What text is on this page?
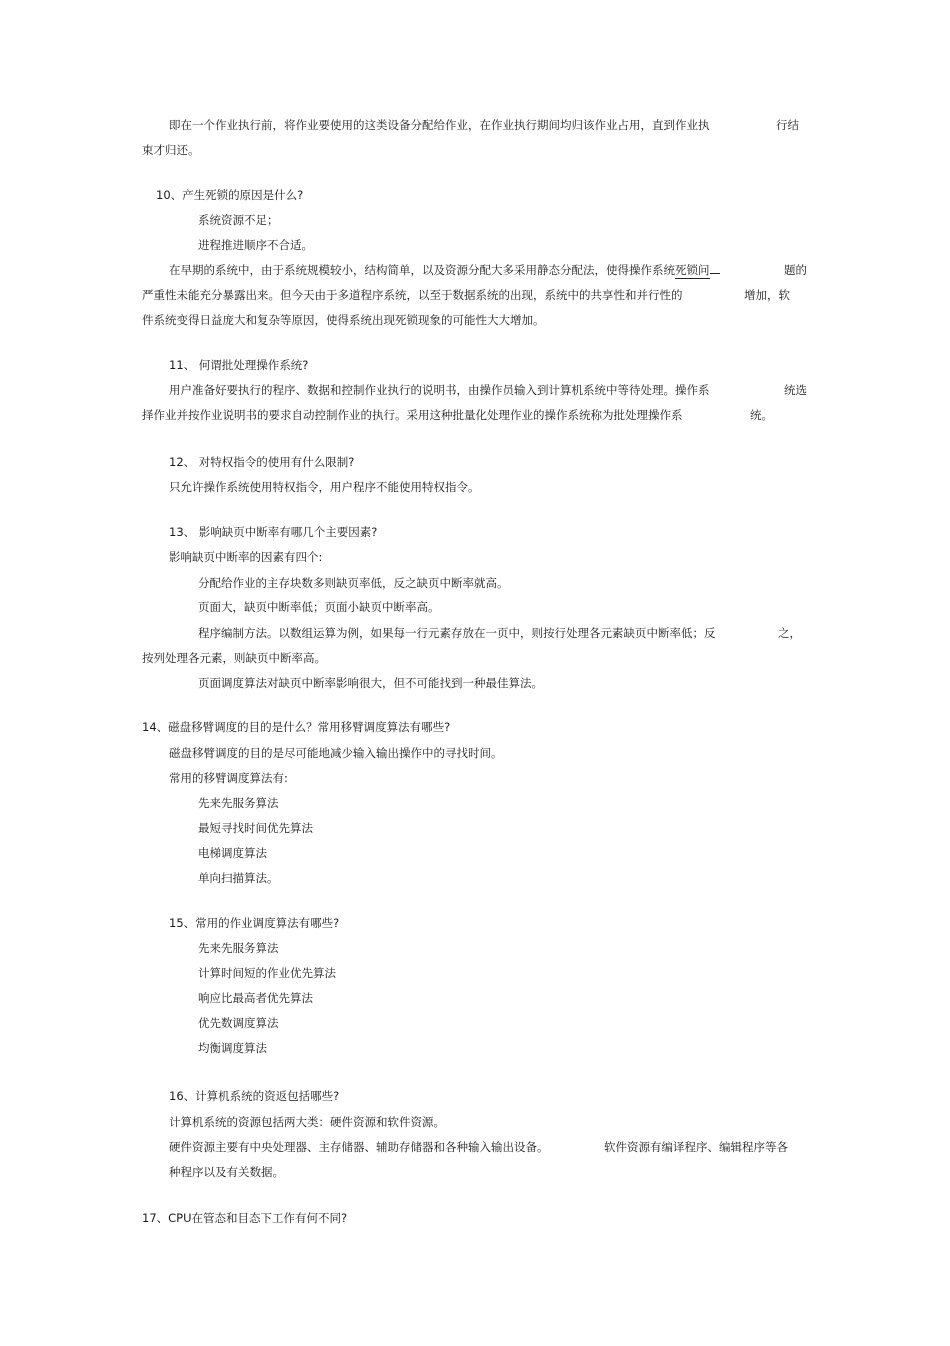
即在一个作业执行前，将作业要使用的这类设备分配给作业，在作业执行期间均归该作业占用，直到作业执	行结
束才归还。
10、产生死锁的原因是什么?
系统资源不足；
进程推进顺序不合适。
在早期的系统中，由于系统规模较小，结构简单，以及资源分配大多采用静态分配法，使得操作系统死锁问	题的
严重性未能充分暴露出来。但今天由于多道程序系统，以至于数据系统的出现，系统中的共享性和并行性的	增加，软
件系统变得日益庞大和复杂等原因，使得系统出现死锁现象的可能性大大增加。
11、 何谓批处理操作系统?
用户准备好要执行的程序、数据和控制作业执行的说明书，由操作员输入到计算机系统中等待处理。操作系	统选
择作业并按作业说明书的要求自动控制作业的执行。采用这种批量化处理作业的操作系统称为批处理操作系	统。
12、 对特权指令的使用有什么限制?
只允许操作系统使用特权指令，用户程序不能使用特权指令。
13、 影响缺页中断率有哪几个主要因素?
影响缺页中断率的因素有四个:
分配给作业的主存块数多则缺页率低，反之缺页中断率就高。
页面大，缺页中断率低；页面小缺页中断率高。
程序编制方法。以数组运算为例，如果每一行元素存放在一页中，则按行处理各元素缺页中断率低；反	之，
按列处理各元素，则缺页中断率高。
页面调度算法对缺页中断率影响很大，但不可能找到一种最佳算法。
14、磁盘移臂调度的目的是什么？常用移臂调度算法有哪些?
磁盘移臂调度的目的是尽可能地减少输入输出操作中的寻找时间。
常用的移臂调度算法有:
先来先服务算法
最短寻找时间优先算法
电梯调度算法
单向扫描算法。
15、常用的作业调度算法有哪些?
先来先服务算法
计算时间短的作业优先算法
响应比最高者优先算法
优先数调度算法
均衡调度算法
16、计算机系统的资返包括哪些?
计算机系统的资源包括两大类：硬件资源和软件资源。
硬件资源主要有中央处理器、主存储器、辅助存储器和各种输入输出设备。	软件资源有编译程序、编辑程序等各
种程序以及有关数据。
17、CPU在管态和目态下工作有何不同?
